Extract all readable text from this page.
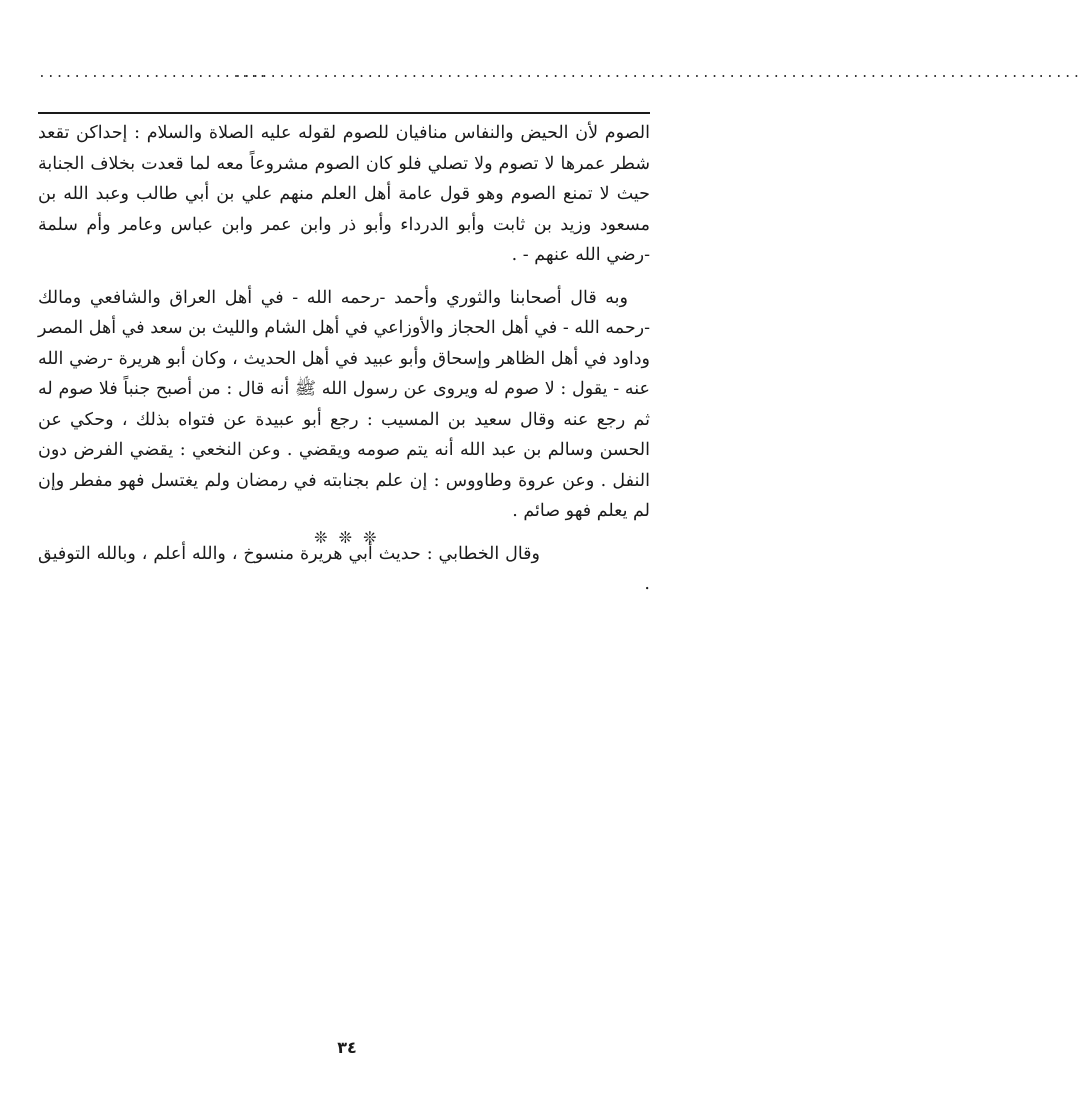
..........................
................................................................................................

الصوم لأن الحيض والنفاس منافيان للصوم لقوله عليه الصلاة والسلام : إحداكن تقعد شطر عمرها لا تصوم ولا تصلي فلو كان الصوم مشروعاً معه لما قعدت بخلاف الجنابة حيث لا تمنع الصوم وهو قول عامة أهل العلم منهم علي بن أبي طالب وعبد الله بن مسعود وزيد بن ثابت وأبو الدرداء وأبو ذر وابن عمر وابن عباس وعامر وأم سلمة -رضي الله عنهم - .

وبه قال أصحابنا والثوري وأحمد -رحمه الله - في أهل العراق والشافعي ومالك -رحمه الله - في أهل الحجاز والأوزاعي في أهل الشام والليث بن سعد في أهل المصر وداود في أهل الظاهر وإسحاق وأبو عبيد في أهل الحديث ، وكان أبو هريرة -رضي الله عنه - يقول : لا صوم له ويروى عن رسول الله ﷺ أنه قال : من أصبح جنباً فلا صوم له ثم رجع عنه وقال سعيد بن المسيب : رجع أبو عبيدة عن فتواه بذلك ، وحكي عن الحسن وسالم بن عبد الله أنه يتم صومه ويقضي . وعن النخعي : يقضي الفرض دون النفل . وعن عروة وطاووس : إن علم بجنابته في رمضان ولم يغتسل فهو مفطر وإن لم يعلم فهو صائم .

وقال الخطابي : حديث أبي هريرة منسوخ ، والله أعلم ، وبالله التوفيق .

❊ ❊ ❊
٣٤
